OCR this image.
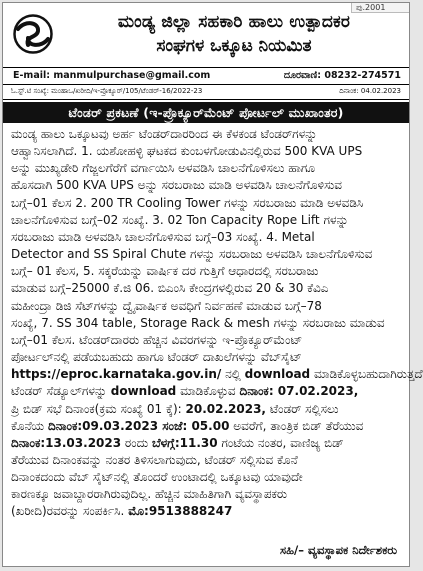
ಪು.2001
ಮಂಡ್ಯ ಜಿಲ್ಲಾ ಸಹಕಾರಿ ಹಾಲು ಉತ್ಪಾದಕರ
ಸಂಘಗಳ ಒಕ್ಕೂಟ ನಿಯಮಿತ
E-mail: manmulpurchase@gmail.com	ದೂರವಾಣಿ: 08232-274571
ಓ.ಸ್ಟ್.ಟಿ ಸಂಖ್ಯೆ: ಮಂಹಾಒ/ಖರೀದಿ/ಇ-ಪ್ರೊಕ್ಯೂರ್/105/ಟೆಂಡರ್-16/2022-23	ದಿನಾಂಕ: 04.02.2023
ಟೆಂಡರ್ ಪ್ರಕಟಣೆ (ಇ-ಪ್ರೊಕ್ಯೂರ್‌ಮೆಂಟ್ ಪೋರ್ಟಲ್ ಮುಖಾಂತರ)
ಮಂಡ್ಯ ಹಾಲು ಒಕ್ಕೂಟವು ಅರ್ಹ ಟೆಂಡರ್‌ದಾರರಿಂದ ಈ ಕೆಳಕಂಡ ಟೆಂಡರ್‌ಗಳನ್ನು
ಆಹ್ವಾನಿಸಲಾಗಿದೆ. 1. ಯಶೋಹಳ್ಳಿ ಘಟಕದ ಕುಂಬಳಗೋಡುವಿನಲ್ಲಿರುವ 500 KVA UPS
ಅನ್ನು ಮುಖ್ಯಡೇರಿ ಗೆಜ್ಜಲಗೆರೆಗೆ ವರ್ಗಾಯಿಸಿ ಅಳವಡಿಸಿ ಚಾಲನೆಗೊಳಿಸಲು ಹಾಗೂ
ಹೊಸದಾಗಿ 500 KVA UPS ಅನ್ನು ಸರಬರಾಜು ಮಾಡಿ ಅಳವಡಿಸಿ ಚಾಲನೆಗೊಳಿಸುವ
ಬಗ್ಗೆ–01 ಕೆಲಸ 2. 200 TR Cooling Tower ಗಳನ್ನು ಸರಬರಾಜು ಮಾಡಿ ಅಳವಡಿಸಿ
ಚಾಲನೆಗೊಳಿಸುವ ಬಗ್ಗೆ–02 ಸಂಖ್ಯೆ. 3. 02 Ton Capacity Rope Lift ಗಳನ್ನು
ಸರಬರಾಜು ಮಾಡಿ ಅಳವಡಿಸಿ ಚಾಲನೆಗೊಳಿಸುವ ಬಗ್ಗೆ–03 ಸಂಖ್ಯೆ. 4. Metal
Detector and SS Spiral Chute ಗಳನ್ನು ಸರಬರಾಜು ಅಳವಡಿಸಿ ಚಾಲನೆಗೊಳಿಸುವ
ಬಗ್ಗೆ– 01 ಕೆಲಸ, 5. ಸಕ್ಕರೆಯನ್ನು ವಾರ್ಷಿಕ ದರ ಗುತ್ತಿಗೆ ಆಧಾರದಲ್ಲಿ ಸರಬರಾಜು
ಮಾಡುವ ಬಗ್ಗೆ–25000 ಕೆ.ಜಿ 06. ಬಿಎಂಸಿ ಕೇಂದ್ರಗಳಲ್ಲಿರುವ 20 & 30 ಕೆವಿಎ
ಮಹೀಂದ್ರಾ ಡಿಜಿ ಸೆಟ್‌ಗಳನ್ನು ದ್ವೈವಾರ್ಷಿಕ ಅವಧಿಗೆ ನಿರ್ವಹಣೆ ಮಾಡುವ ಬಗ್ಗೆ–78
ಸಂಖ್ಯೆ, 7. SS 304 table, Storage Rack & mesh ಗಳನ್ನು ಸರಬರಾಜು ಮಾಡುವ
ಬಗ್ಗೆ–01 ಕೆಲಸ. ಟೆಂಡರ್‌ದಾರರು ಹೆಚ್ಚಿನ ವಿವರಗಳನ್ನು ಇ-ಪ್ರೊಕ್ಯೂರ್‌ಮೆಂಟ್
ಪೋರ್ಟಲ್‌ನಲ್ಲಿ ಪಡೆಯಬಹುದು ಹಾಗೂ ಟೆಂಡರ್ ದಾಖಲೆಗಳನ್ನು ವೆಬ್‌ಸೈಟ್
https://eproc.karnataka.gov.in/ ನಲ್ಲಿ download ಮಾಡಿಕೊಳ್ಳಬಹುದಾಗಿರುತ್ತದೆ
ಟೆಂಡರ್ ಸೆಡ್ಯೂಲ್‌ಗಳನ್ನು download ಮಾಡಿಕೊಳ್ಳುವ ದಿನಾಂಕ: 07.02.2023,
ಪ್ರಿ ಬಿಡ್ ಸಭೆ ದಿನಾಂಕ(ಕ್ರಮ ಸಂಖ್ಯೆ 01 ಕ್ಕೆ): 20.02.2023, ಟೆಂಡರ್ ಸಲ್ಲಿಸಲು
ಕೊನೆಯ ದಿನಾಂಕ:09.03.2023 ಸಂಜೆ: 05.00 ಅವರೆಗೆ, ತಾಂತ್ರಿಕ ಬಿಡ್ ತೆರೆಯುವ
ದಿನಾಂಕ:13.03.2023 ರಂದು ಬೆಳಗ್ಗೆ:11.30 ಗಂಟೆಯ ನಂತರ, ವಾಣಿಜ್ಯ ಬಿಡ್
ತೆರೆಯುವ ದಿನಾಂಕವನ್ನು ನಂತರ ತಿಳಿಸಲಾಗುವುದು, ಟೆಂಡರ್ ಸಲ್ಲಿಸುವ ಕೊನೆ
ದಿನಾಂಕದಂದು ವೆಬ್ ಸೈಟ್‌ನಲ್ಲಿ ತೊಂದರೆ ಉಂಟಾದಲ್ಲಿ ಒಕ್ಕೂಟವು ಯಾವುದೇ
ಕಾರಣಕ್ಕೂ ಜವಾಬ್ದಾರರಾಗಿರುವುದಿಲ್ಲ. ಹೆಚ್ಚಿನ ಮಾಹಿತಿಗಾಗಿ ವ್ಯವಸ್ಥಾಪಕರು
(ಖರೀದಿ)ರವರನ್ನು ಸಂಪರ್ಕಿಸಿ. ಮೊ:9513888247
ಸಹಿ/– ವ್ಯವಸ್ಥಾಪಕ ನಿರ್ದೇಶಕರು
